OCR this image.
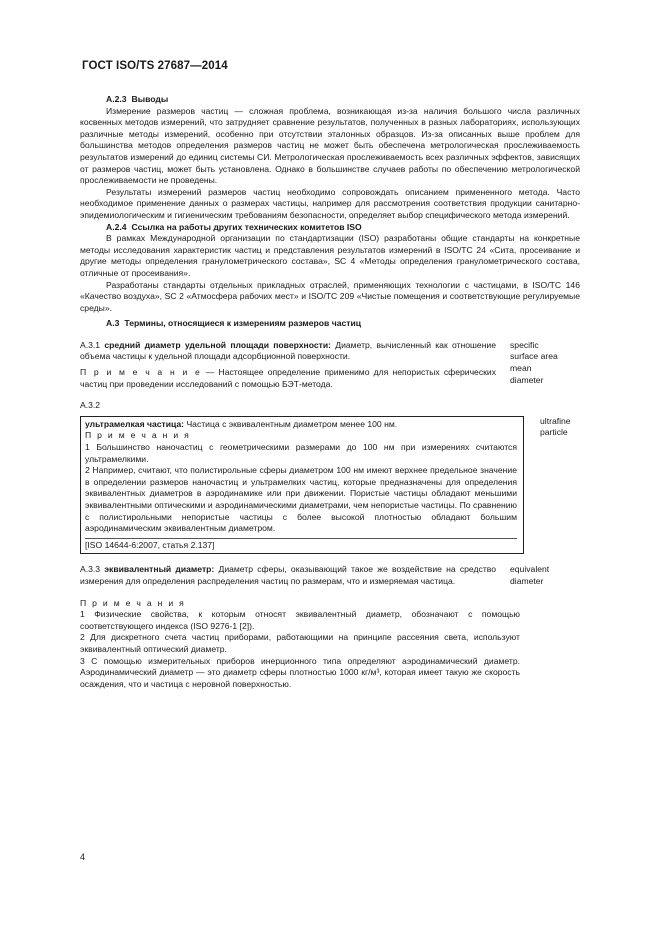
ГОСТ ISO/TS 27687—2014
А.2.3 Выводы

Измерение размеров частиц — сложная проблема, возникающая из-за наличия большого числа различных косвенных методов измерений, что затрудняет сравнение результатов, полученных в разных лабораториях, использующих различные методы измерений, особенно при отсутствии эталонных образцов. Из-за описанных выше проблем для большинства методов определения размеров частиц не может быть обеспечена метрологическая прослеживаемость результатов измерений до единиц системы СИ. Метрологическая прослеживаемость всех различных эффектов, зависящих от размеров частиц, может быть установлена. Однако в большинстве случаев работы по обеспечению метрологической прослеживаемости не проведены.

Результаты измерений размеров частиц необходимо сопровождать описанием примененного метода. Часто необходимое применение данных о размерах частицы, например для рассмотрения соответствия продукции санитарно-эпидемиологическим и гигиеническим требованиям безопасности, определяет выбор специфического метода измерений.

А.2.4 Ссылка на работы других технических комитетов ISO

В рамках Международной организации по стандартизации (ISO) разработаны общие стандарты на конкретные методы исследования характеристик частиц и представления результатов измерений в ISO/TC 24 «Сита, просеивание и другие методы определения гранулометрического состава», SC 4 «Методы определения гранулометрического состава, отличные от просеивания».

Разработаны стандарты отдельных прикладных отраслей, применяющих технологии с частицами, в ISO/TC 146 «Качество воздуха», SC 2 «Атмосфера рабочих мест» и ISO/TC 209 «Чистые помещения и соответствующие регулируемые среды».

А.3 Термины, относящиеся к измерениям размеров частиц

А.3.1 средний диаметр удельной площади поверхности: Диаметр, вычисленный как отношение объема частицы к удельной площади адсорбционной поверхности.

П р и м е ч а н и е — Настоящее определение применимо для непористых сферических частиц при проведении исследований с помощью БЭТ-метода.

specific
surface area
mean
diameter

А.3.2

ультрамелкая частица: Частица с эквивалентным диаметром менее 100 нм.

П р и м е ч а н и я

1 Большинство наночастиц с геометрическими размерами до 100 нм при измерениях считаются ультрамелкими.

2 Например, считают, что полистирольные сферы диаметром 100 нм имеют верхнее предельное значение в определении размеров наночастиц и ультрамелких частиц, которые предназначены для определения эквивалентных диаметров в аэродинамике или при движении. Пористые частицы обладают меньшими эквивалентными оптическими и аэродинамическими диаметрами, чем непористые частицы. По сравнению с полистирольными непористые частицы с более высокой плотностью обладают большим аэродинамическим эквивалентным диаметром.

[ISO 14644-6:2007, статья 2.137]

ultrafine
particle

А.3.3 эквивалентный диаметр: Диаметр сферы, оказывающий такое же воздействие на средство измерения для определения распределения частиц по размерам, что и измеряемая частица.

equivalent
diameter

П р и м е ч а н и я

1 Физические свойства, к которым относят эквивалентный диаметр, обозначают с помощью соответствующего индекса (ISO 9276-1 [2]).

2 Для дискретного счета частиц приборами, работающими на принципе рассеяния света, используют эквивалентный оптический диаметр.

3 С помощью измерительных приборов инерционного типа определяют аэродинамический диаметр. Аэродинамический диаметр — это диаметр сферы плотностью 1000 кг/м³, которая имеет такую же скорость осаждения, что и частица с неровной поверхностью.

4
